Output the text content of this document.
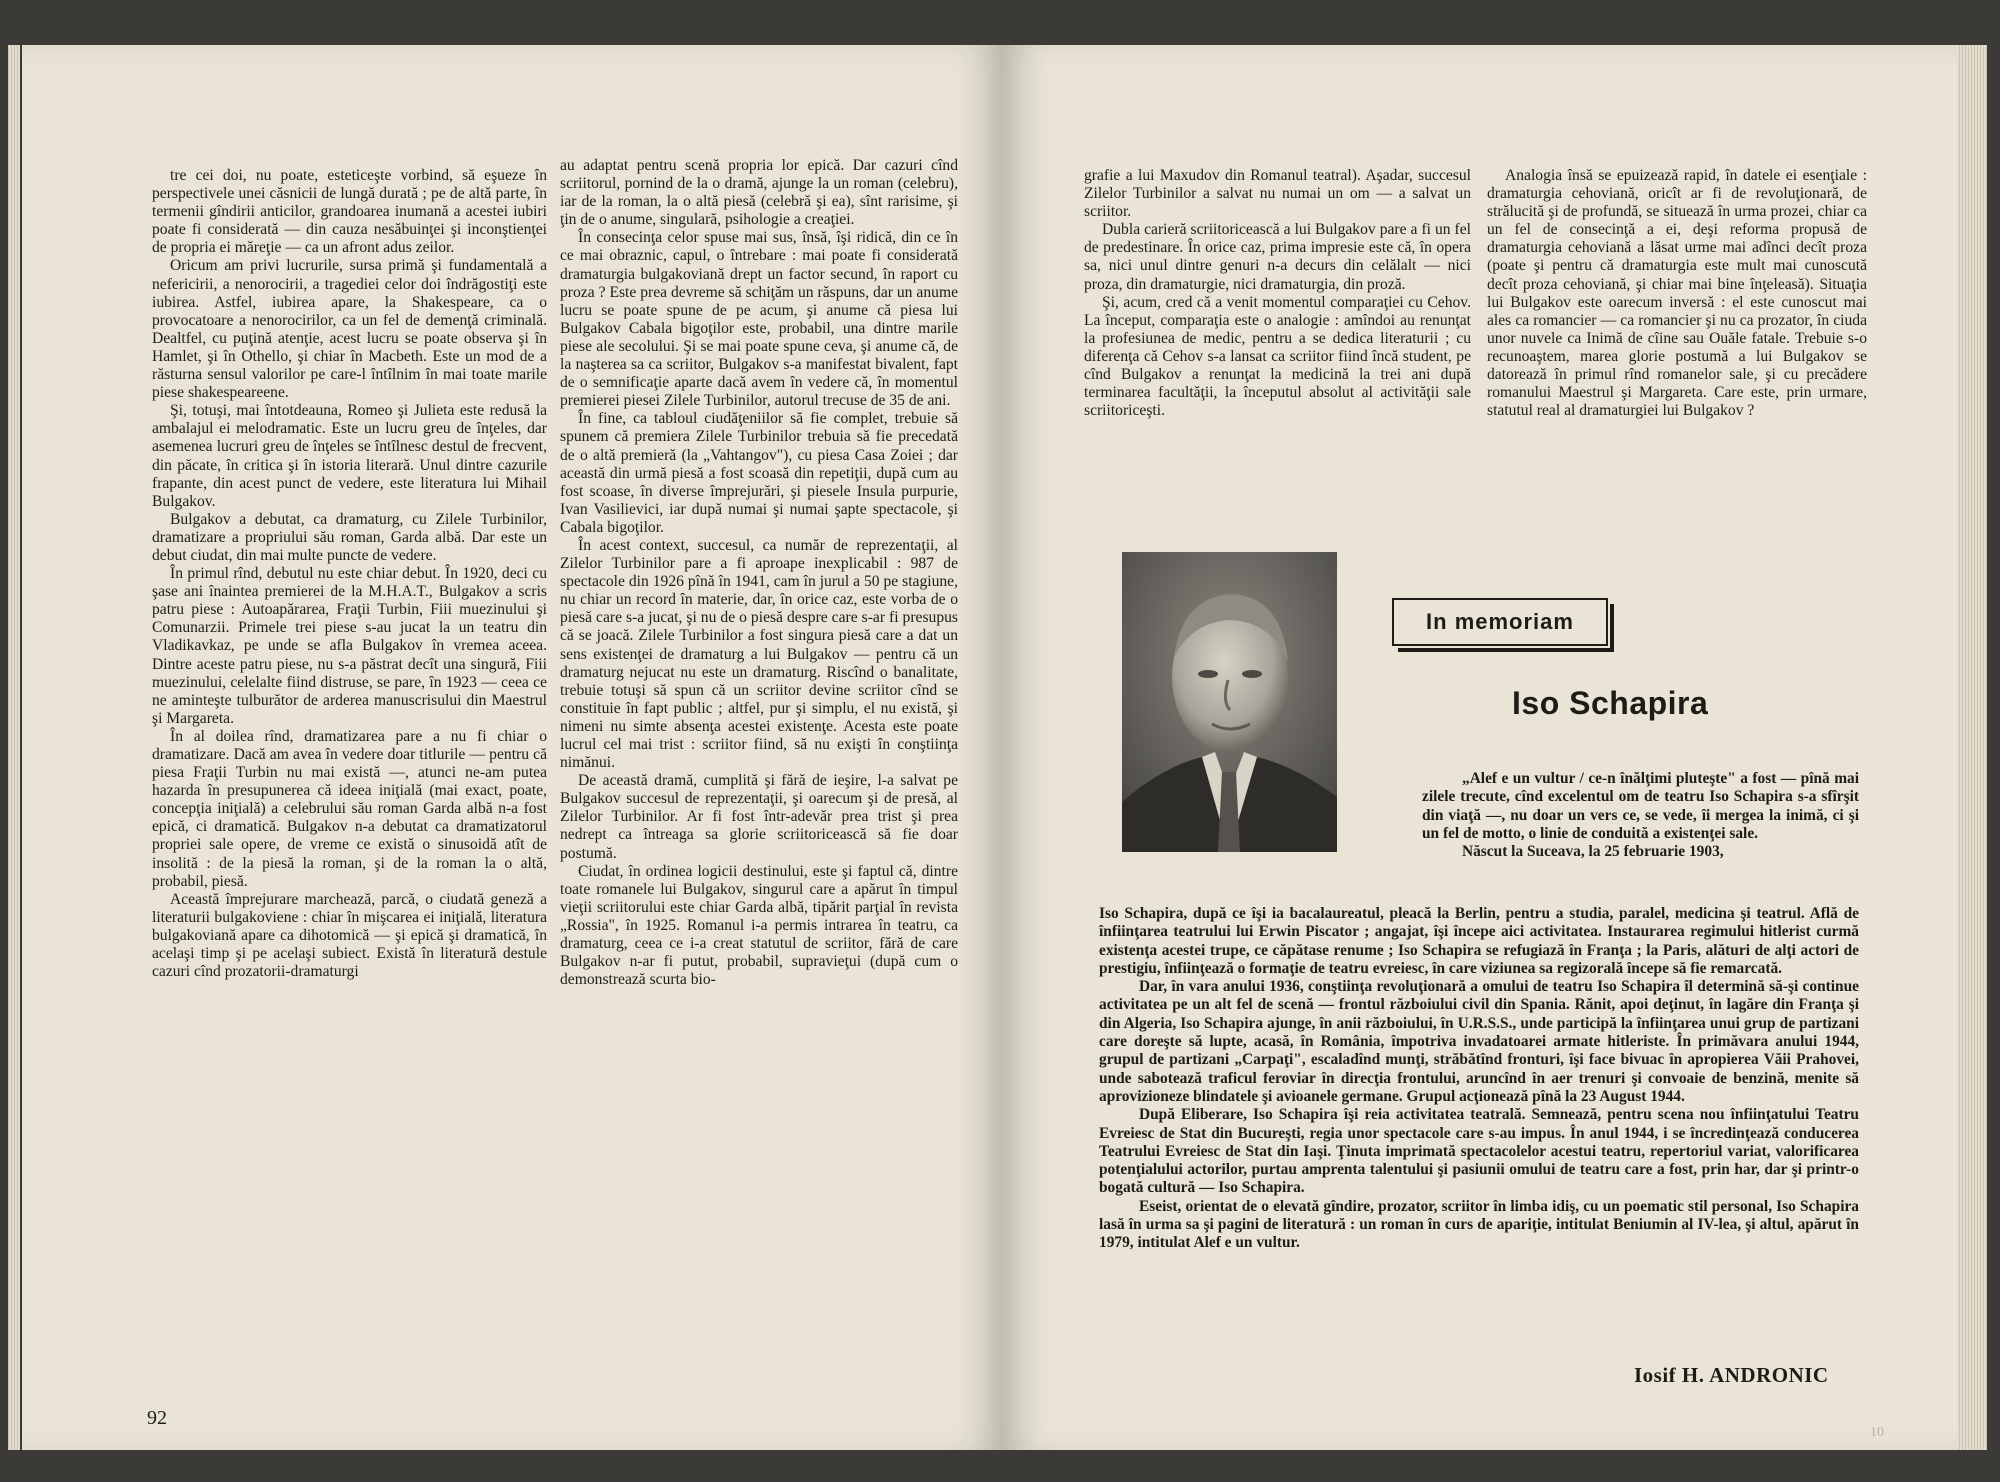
tre cei doi, nu poate, esteticeşte vorbind, să eşueze în perspectivele unei căsnicii de lungă durată ; pe de altă parte, în termenii gîndirii anticilor, grandoarea inumană a acestei iubiri poate fi considerată — din cauza nesăbuinţei şi inconştienţei de propria ei măreţie — ca un afront adus zeilor.

Oricum am privi lucrurile, sursa primă şi fundamentală a nefericirii, a nenorocirii, a tragediei celor doi îndrăgostiţi este iubirea. Astfel, iubirea apare, la Shakespeare, ca o provocatoare a nenorocirilor, ca un fel de demenţă criminală. Dealtfel, cu puţină atenţie, acest lucru se poate observa şi în Hamlet, şi în Othello, şi chiar în Macbeth. Este un mod de a răsturna sensul valorilor pe care-l întîlnim în mai toate marile piese shakespeareene.

Şi, totuşi, mai întotdeauna, Romeo şi Julieta este redusă la ambalajul ei melodramatic. Este un lucru greu de înţeles, dar asemenea lucruri greu de înţeles se întîlnesc destul de frecvent, din păcate, în critica şi în istoria literară. Unul dintre cazurile frapante, din acest punct de vedere, este literatura lui Mihail Bulgakov.

Bulgakov a debutat, ca dramaturg, cu Zilele Turbinilor, dramatizare a propriului său roman, Garda albă. Dar este un debut ciudat, din mai multe puncte de vedere.

În primul rînd, debutul nu este chiar debut. În 1920, deci cu şase ani înaintea premierei de la M.H.A.T., Bulgakov a scris patru piese : Autoapărarea, Fraţii Turbin, Fiii muezinului şi Comunarzii. Primele trei piese s-au jucat la un teatru din Vladikavkaz, pe unde se afla Bulgakov în vremea aceea. Dintre aceste patru piese, nu s-a păstrat decît una singură, Fiii muezinului, celelalte fiind distruse, se pare, în 1923 — ceea ce ne aminteşte tulburător de arderea manuscrisului din Maestrul şi Margareta.

În al doilea rînd, dramatizarea pare a nu fi chiar o dramatizare. Dacă am avea în vedere doar titlurile — pentru că piesa Fraţii Turbin nu mai există —, atunci ne-am putea hazarda în presupunerea că ideea iniţială (mai exact, poate, concepţia iniţială) a celebrului său roman Garda albă n-a fost epică, ci dramatică. Bulgakov n-a debutat ca dramatizatorul propriei sale opere, de vreme ce există o sinusoidă atît de insolită : de la piesă la roman, şi de la roman la o altă, probabil, piesă.

Această împrejurare marchează, parcă, o ciudată geneză a literaturii bulgakoviene : chiar în mişcarea ei iniţială, literatura bulgakoviană apare ca dihotomică — şi epică şi dramatică, în acelaşi timp şi pe acelaşi subiect. Există în literatură destule cazuri cînd prozatorii-dramaturgi

au adaptat pentru scenă propria lor epică. Dar cazuri cînd scriitorul, pornind de la o dramă, ajunge la un roman (celebru), iar de la roman, la o altă piesă (celebră şi ea), sînt rarisime, şi ţin de o anume, singulară, psihologie a creaţiei.

În consecinţa celor spuse mai sus, însă, îşi ridică, din ce în ce mai obraznic, capul, o întrebare : mai poate fi considerată dramaturgia bulgakoviană drept un factor secund, în raport cu proza ? Este prea devreme să schiţăm un răspuns, dar un anume lucru se poate spune de pe acum, şi anume că piesa lui Bulgakov Cabala bigoţilor este, probabil, una dintre marile piese ale secolului. Şi se mai poate spune ceva, şi anume că, de la naşterea sa ca scriitor, Bulgakov s-a manifestat bivalent, fapt de o semnificaţie aparte dacă avem în vedere că, în momentul premierei piesei Zilele Turbinilor, autorul trecuse de 35 de ani.

În fine, ca tabloul ciudăţeniilor să fie complet, trebuie să spunem că premiera Zilele Turbinilor trebuia să fie precedată de o altă premieră (la „Vahtangov"), cu piesa Casa Zoiei ; dar această din urmă piesă a fost scoasă din repetiţii, după cum au fost scoase, în diverse împrejurări, şi piesele Insula purpurie, Ivan Vasilievici, iar după numai şi numai şapte spectacole, şi Cabala bigoţilor.

În acest context, succesul, ca număr de reprezentaţii, al Zilelor Turbinilor pare a fi aproape inexplicabil : 987 de spectacole din 1926 pînă în 1941, cam în jurul a 50 pe stagiune, nu chiar un record în materie, dar, în orice caz, este vorba de o piesă care s-a jucat, şi nu de o piesă despre care s-ar fi presupus că se joacă. Zilele Turbinilor a fost singura piesă care a dat un sens existenţei de dramaturg a lui Bulgakov — pentru că un dramaturg nejucat nu este un dramaturg. Riscînd o banalitate, trebuie totuşi să spun că un scriitor devine scriitor cînd se constituie în fapt public ; altfel, pur şi simplu, el nu există, şi nimeni nu simte absenţa acestei existenţe. Acesta este poate lucrul cel mai trist : scriitor fiind, să nu exişti în conştiinţa nimănui.

De această dramă, cumplită şi fără de ieşire, l-a salvat pe Bulgakov succesul de reprezentaţii, şi oarecum şi de presă, al Zilelor Turbinilor. Ar fi fost într-adevăr prea trist şi prea nedrept ca întreaga sa glorie scriitoricească să fie doar postumă.

Ciudat, în ordinea logicii destinului, este şi faptul că, dintre toate romanele lui Bulgakov, singurul care a apărut în timpul vieţii scriitorului este chiar Garda albă, tipărit parţial în revista „Rossia", în 1925. Romanul i-a permis intrarea în teatru, ca dramaturg, ceea ce i-a creat statutul de scriitor, fără de care Bulgakov n-ar fi putut, probabil, supravieţui (după cum o demonstrează scurta bio-

92

grafie a lui Maxudov din Romanul teatral). Aşadar, succesul Zilelor Turbinilor a salvat nu numai un om — a salvat un scriitor.

Dubla carieră scriitoricească a lui Bulgakov pare a fi un fel de predestinare. În orice caz, prima impresie este că, în opera sa, nici unul dintre genuri n-a decurs din celălalt — nici proza, din dramaturgie, nici dramaturgia, din proză.

Şi, acum, cred că a venit momentul comparaţiei cu Cehov. La început, comparaţia este o analogie : amîndoi au renunţat la profesiunea de medic, pentru a se dedica literaturii ; cu diferenţa că Cehov s-a lansat ca scriitor fiind încă student, pe cînd Bulgakov a renunţat la medicină la trei ani după terminarea facultăţii, la începutul absolut al activităţii sale scriitoriceşti.

Analogia însă se epuizează rapid, în datele ei esenţiale : dramaturgia cehoviană, oricît ar fi de revoluţionară, de strălucită şi de profundă, se situează în urma prozei, chiar ca un fel de consecinţă a ei, deşi reforma propusă de dramaturgia cehoviană a lăsat urme mai adînci decît proza (poate şi pentru că dramaturgia este mult mai cunoscută decît proza cehoviană, şi chiar mai bine înţeleasă). Situaţia lui Bulgakov este oarecum inversă : el este cunoscut mai ales ca romancier — ca romancier şi nu ca prozator, în ciuda unor nuvele ca Inimă de cîine sau Ouăle fatale. Trebuie s-o recunoaştem, marea glorie postumă a lui Bulgakov se datorează în primul rînd romanelor sale, şi cu precădere romanului Maestrul şi Margareta. Care este, prin urmare, statutul real al dramaturgiei lui Bulgakov ?

In memoriam
Iso Schapira

„Alef e un vultur / ce-n înălţimi pluteşte" a fost — pînă mai zilele trecute, cînd excelentul om de teatru Iso Schapira s-a sfîrşit din viaţă —, nu doar un vers ce, se vede, îi mergea la inimă, ci şi un fel de motto, o linie de conduită a existenţei sale.

Născut la Suceava, la 25 februarie 1903,

Iso Schapira, după ce îşi ia bacalaureatul, pleacă la Berlin, pentru a studia, paralel, medicina şi teatrul. Află de înfiinţarea teatrului lui Erwin Piscator ; angajat, îşi începe aici activitatea. Instaurarea regimului hitlerist curmă existenţa acestei trupe, ce căpătase renume ; Iso Schapira se refugiază în Franţa ; la Paris, alături de alţi actori de prestigiu, înfiinţează o formaţie de teatru evreiesc, în care viziunea sa regizorală începe să fie remarcată.

Dar, în vara anului 1936, conştiinţa revoluţionară a omului de teatru Iso Schapira îl determină să-şi continue activitatea pe un alt fel de scenă — frontul războiului civil din Spania. Rănit, apoi deţinut, în lagăre din Franţa şi din Algeria, Iso Schapira ajunge, în anii războiului, în U.R.S.S., unde participă la înfiinţarea unui grup de partizani care doreşte să lupte, acasă, în România, împotriva invadatoarei armate hitleriste. În primăvara anului 1944, grupul de partizani „Carpaţi", escaladînd munţi, străbătînd fronturi, îşi face bivuac în apropierea Văii Prahovei, unde sabotează traficul feroviar în direcţia frontului, aruncînd în aer trenuri şi convoaie de benzină, menite să aprovizioneze blindatele şi avioanele germane. Grupul acţionează pînă la 23 August 1944.

După Eliberare, Iso Schapira îşi reia activitatea teatrală. Semnează, pentru scena nou înfiinţatului Teatru Evreiesc de Stat din Bucureşti, regia unor spectacole care s-au impus. În anul 1944, i se încredinţează conducerea Teatrului Evreiesc de Stat din Iaşi. Ţinuta imprimată spectacolelor acestui teatru, repertoriul variat, valorificarea potenţialului actorilor, purtau amprenta talentului şi pasiunii omului de teatru care a fost, prin har, dar şi printr-o bogată cultură — Iso Schapira.

Eseist, orientat de o elevată gîndire, prozator, scriitor în limba idiş, cu un poematic stil personal, Iso Schapira lasă în urma sa şi pagini de literatură : un roman în curs de apariţie, intitulat Beniumin al IV-lea, şi altul, apărut în 1979, intitulat Alef e un vultur.

Iosif H. ANDRONIC
10
